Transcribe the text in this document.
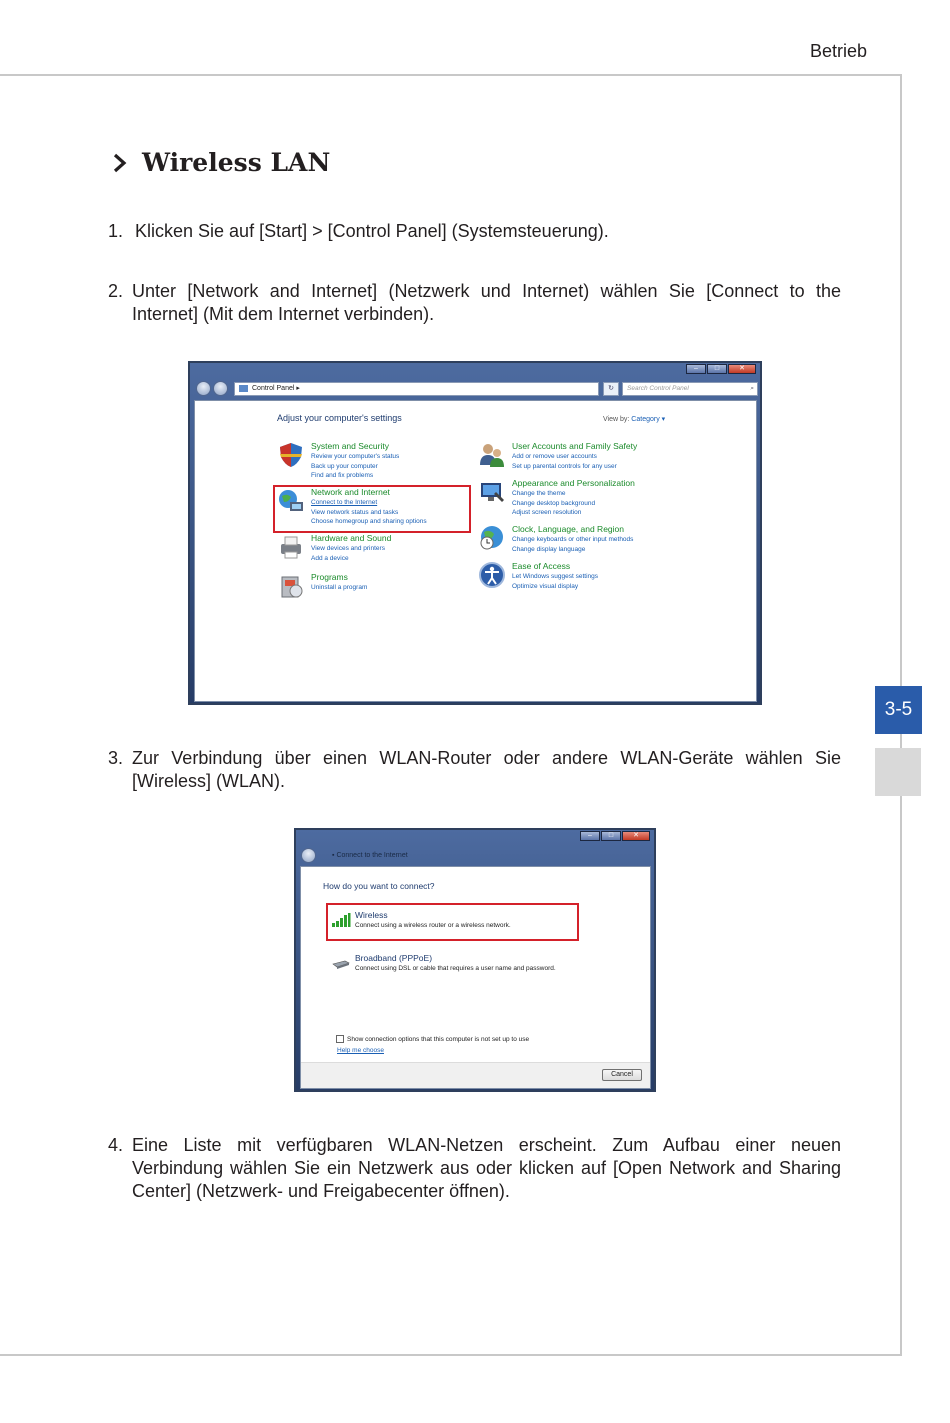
Betrieb
Wireless LAN
1. Klicken Sie auf [Start] > [Control Panel] (Systemsteuerung).
2. Unter [Network and Internet] (Netzwerk und Internet) wählen Sie [Connect to the Internet] (Mit dem Internet verbinden).
–	□	✕
Control Panel ▸	↻	Search Control Panel	⌕
Adjust your computer's settings	View by: Category ▾
System and Security
Review your computer's status
Back up your computer
Find and fix problems
Network and Internet
Connect to the Internet
View network status and tasks
Choose homegroup and sharing options
Hardware and Sound
View devices and printers
Add a device
Programs
Uninstall a program
User Accounts and Family Safety
Add or remove user accounts
Set up parental controls for any user
Appearance and Personalization
Change the theme
Change desktop background
Adjust screen resolution
Clock, Language, and Region
Change keyboards or other input methods
Change display language
Ease of Access
Let Windows suggest settings
Optimize visual display
3-5
3. Zur Verbindung über einen WLAN-Router oder andere WLAN-Geräte wählen Sie [Wireless] (WLAN).
–	□	✕
▪ Connect to the Internet
How do you want to connect?
Wireless
Connect using a wireless router or a wireless network.
Broadband (PPPoE)
Connect using DSL or cable that requires a user name and password.
Show connection options that this computer is not set up to use
Help me choose
Cancel
4. Eine Liste mit verfügbaren WLAN-Netzen erscheint. Zum Aufbau einer neuen Verbindung wählen Sie ein Netzwerk aus oder klicken auf [Open Network and Sharing Center] (Netzwerk- und Freigabecenter öffnen).
